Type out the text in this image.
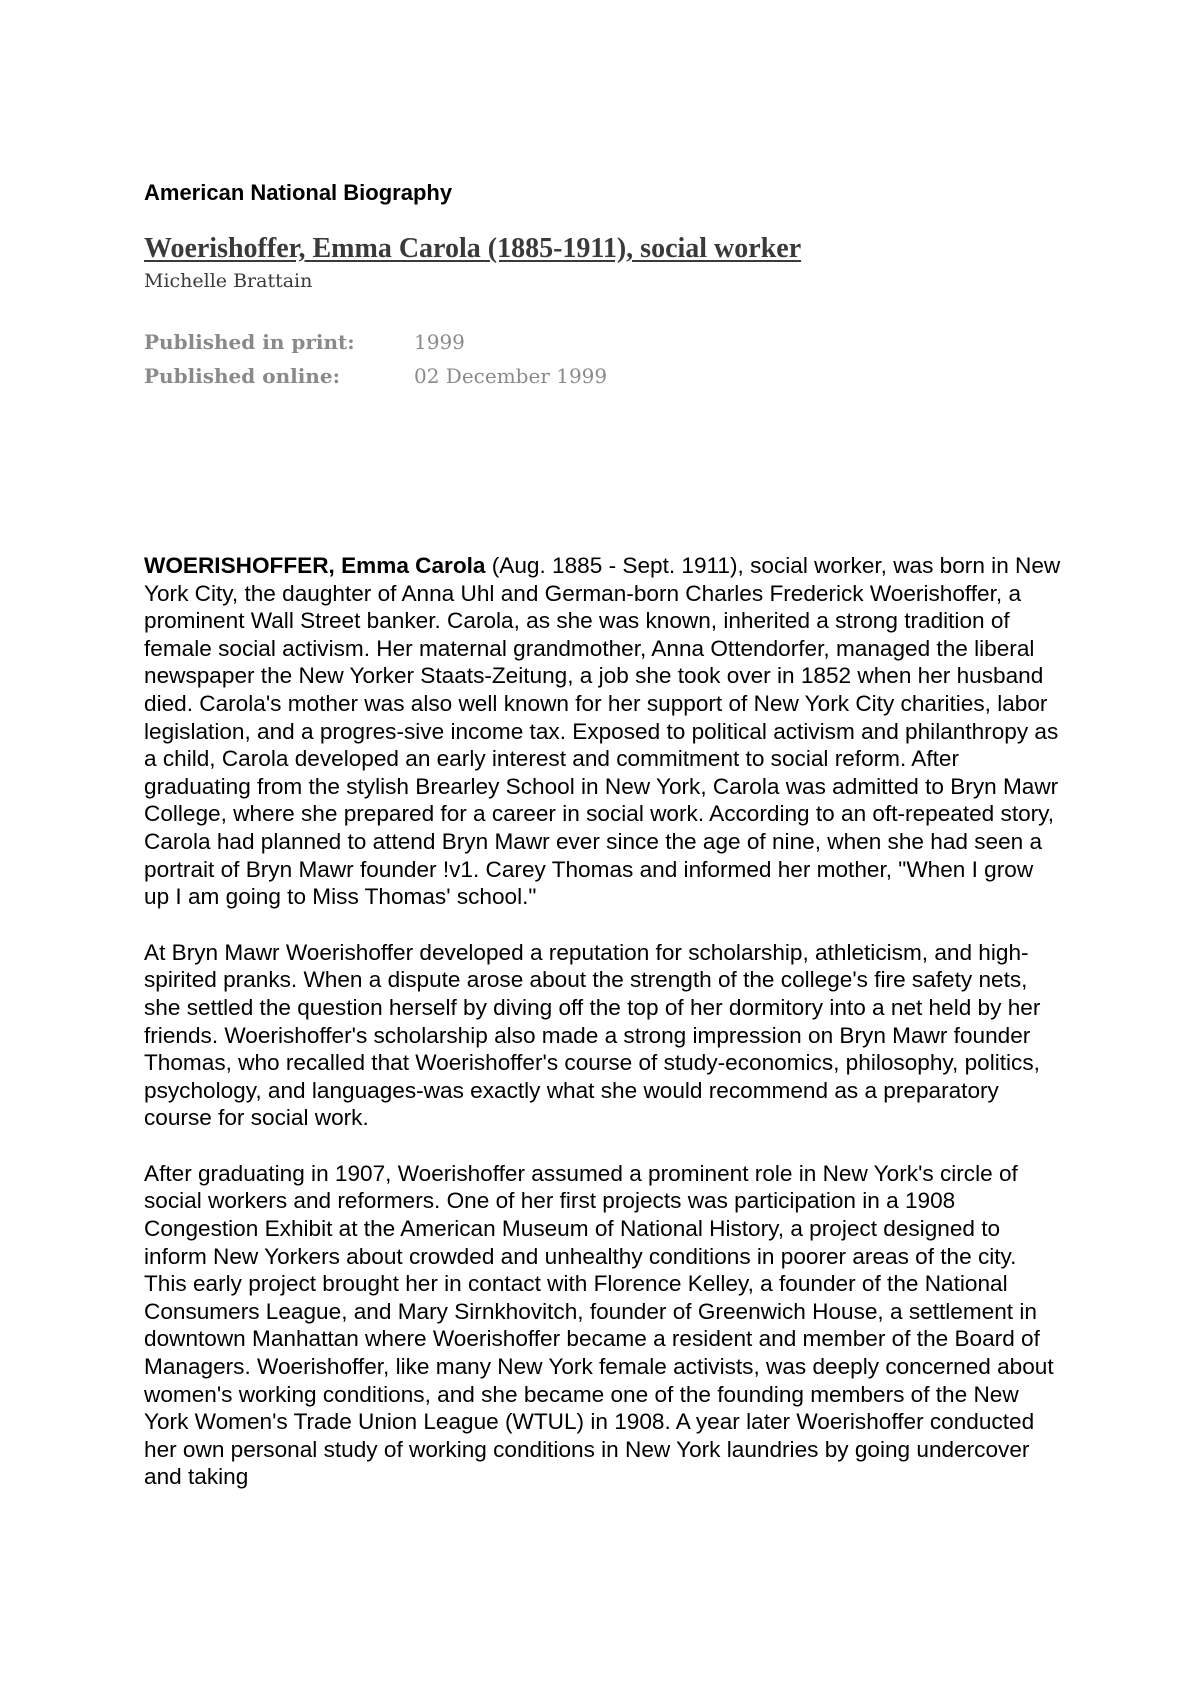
American National Biography
Woerishoffer, Emma Carola (1885-1911), social worker
Michelle Brattain
Published in print:	1999
Published online:	02 December 1999

WOERISHOFFER, Emma Carola (Aug. 1885 - Sept. 1911), social worker, was born in New York City, the daughter of Anna Uhl and German-born Charles Frederick Woerishoffer, a prominent Wall Street banker. Carola, as she was known, inherited a strong tradition of female social activism. Her maternal grandmother, Anna Ottendorfer, managed the liberal newspaper the New Yorker Staats-Zeitung, a job she took over in 1852 when her husband died. Carola's mother was also well known for her support of New York City charities, labor legislation, and a progres-sive income tax. Exposed to political activism and philanthropy as a child, Carola developed an early interest and commitment to social reform. After graduating from the stylish Brearley School in New York, Carola was admitted to Bryn Mawr College, where she prepared for a career in social work. According to an oft-repeated story, Carola had planned to attend Bryn Mawr ever since the age of nine, when she had seen a portrait of Bryn Mawr founder !v1. Carey Thomas and informed her mother, "When I grow up I am going to Miss Thomas' school."

At Bryn Mawr Woerishoffer developed a reputation for scholarship, athleticism, and high-spirited pranks. When a dispute arose about the strength of the college's fire safety nets, she settled the question herself by diving off the top of her dormitory into a net held by her friends. Woerishoffer's scholarship also made a strong impression on Bryn Mawr founder Thomas, who recalled that Woerishoffer's course of study-economics, philosophy, politics, psychology, and languages-was exactly what she would recommend as a preparatory course for social work.

After graduating in 1907, Woerishoffer assumed a prominent role in New York's circle of social workers and reformers. One of her first projects was participation in a 1908 Congestion Exhibit at the American Museum of National History, a project designed to inform New Yorkers about crowded and unhealthy conditions in poorer areas of the city. This early project brought her in contact with Florence Kelley, a founder of the National Consumers League, and Mary Sirnkhovitch, founder of Greenwich House, a settlement in downtown Manhattan where Woerishoffer became a resident and member of the Board of Managers. Woerishoffer, like many New York female activists, was deeply concerned about women's working conditions, and she became one of the founding members of the New York Women's Trade Union League (WTUL) in 1908. A year later Woerishoffer conducted her own personal study of working conditions in New York laundries by going undercover and taking
